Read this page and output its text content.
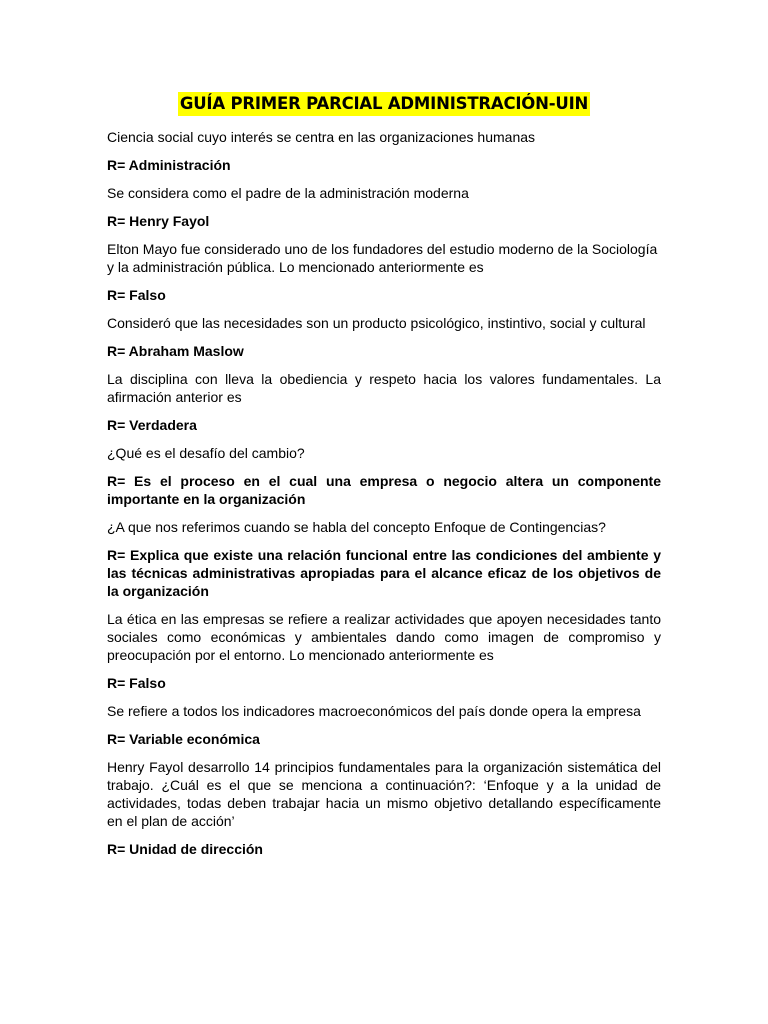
GUÍA PRIMER PARCIAL ADMINISTRACIÓN-UIN

Ciencia social cuyo interés se centra en las organizaciones humanas

R= Administración

Se considera como el padre de la administración moderna

R= Henry Fayol

Elton Mayo fue considerado uno de los fundadores del estudio moderno de la Sociología y la administración pública. Lo mencionado anteriormente es

R= Falso

Consideró que las necesidades son un producto psicológico, instintivo, social y cultural

R= Abraham Maslow

La disciplina con lleva la obediencia y respeto hacia los valores fundamentales. La afirmación anterior es

R= Verdadera

¿Qué es el desafío del cambio?

R= Es el proceso en el cual una empresa o negocio altera un componente importante en la organización

¿A que nos referimos cuando se habla del concepto Enfoque de Contingencias?

R= Explica que existe una relación funcional entre las condiciones del ambiente y las técnicas administrativas apropiadas para el alcance eficaz de los objetivos de la organización

La ética en las empresas se refiere a realizar actividades que apoyen necesidades tanto sociales como económicas y ambientales dando como imagen de compromiso y preocupación por el entorno. Lo mencionado anteriormente es

R= Falso

Se refiere a todos los indicadores macroeconómicos del país donde opera la empresa

R= Variable económica

Henry Fayol desarrollo 14 principios fundamentales para la organización sistemática del trabajo. ¿Cuál es el que se menciona a continuación?: ‘Enfoque y a la unidad de actividades, todas deben trabajar hacia un mismo objetivo detallando específicamente en el plan de acción’

R= Unidad de dirección
